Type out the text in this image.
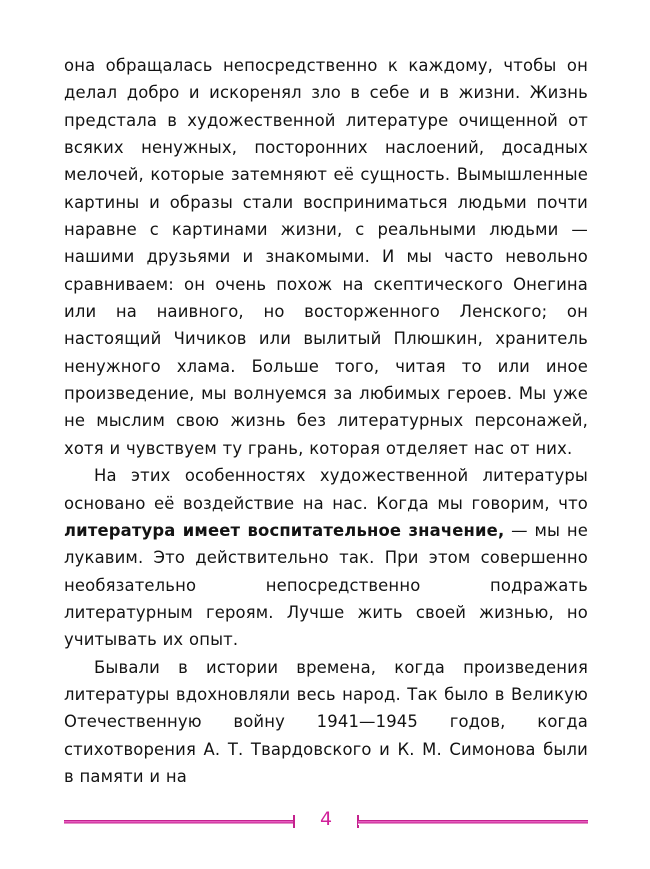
она обращалась непосредственно к каждому, чтобы он делал добро и искоренял зло в себе и в жизни. Жизнь предстала в художественной литературе очищенной от всяких ненужных, посторонних наслоений, досадных мелочей, которые затемняют её сущность. Вымышленные картины и образы стали восприниматься людьми почти наравне с картинами жизни, с реальными людьми — нашими друзьями и знакомыми. И мы часто невольно сравниваем: он очень похож на скептического Онегина или на наивного, но восторженного Ленского; он настоящий Чичиков или вылитый Плюшкин, хранитель ненужного хлама. Больше того, читая то или иное произведение, мы волнуемся за любимых героев. Мы уже не мыслим свою жизнь без литературных персонажей, хотя и чувствуем ту грань, которая отделяет нас от них.

На этих особенностях художественной литературы основано её воздействие на нас. Когда мы говорим, что литература имеет воспитательное значение, — мы не лукавим. Это действительно так. При этом совершенно необязательно непосредственно подражать литературным героям. Лучше жить своей жизнью, но учитывать их опыт.

Бывали в истории времена, когда произведения литературы вдохновляли весь народ. Так было в Великую Отечественную войну 1941—1945 годов, когда стихотворения А. Т. Твардовского и К. М. Симонова были в памяти и на

4
